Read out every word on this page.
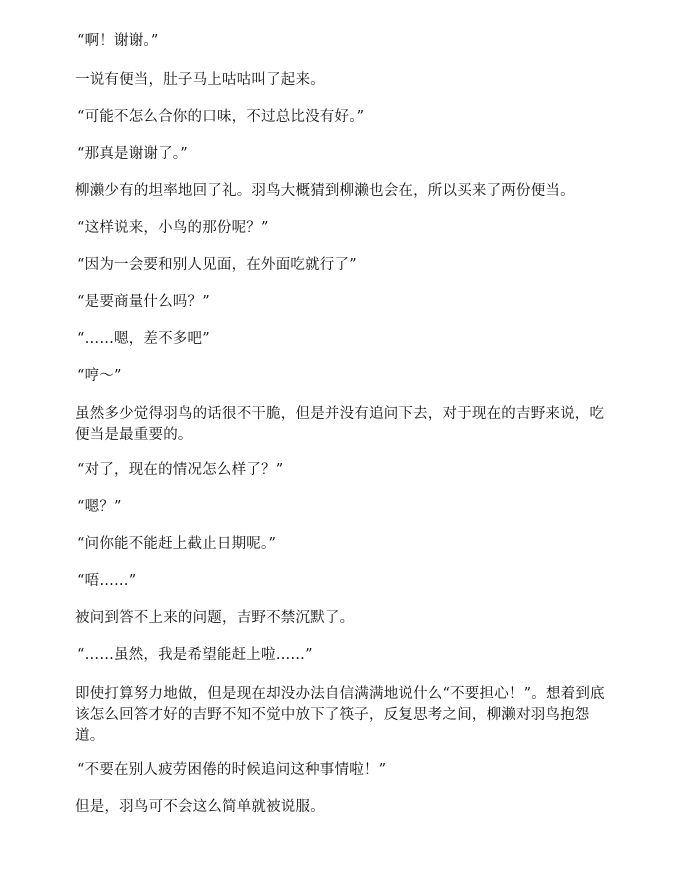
“啊！谢谢。”

一说有便当，肚子马上咕咕叫了起来。

“可能不怎么合你的口味，不过总比没有好。”

“那真是谢谢了。”

柳濑少有的坦率地回了礼。羽鸟大概猜到柳濑也会在，所以买来了两份便当。

“这样说来，小鸟的那份呢？”

“因为一会要和别人见面，在外面吃就行了”

“是要商量什么吗？”

“……嗯，差不多吧”

“哼～”

虽然多少觉得羽鸟的话很不干脆，但是并没有追问下去，对于现在的吉野来说，吃便当是最重要的。

“对了，现在的情况怎么样了？”

“嗯？”

“问你能不能赶上截止日期呢。”

“唔……”

被问到答不上来的问题，吉野不禁沉默了。

“……虽然，我是希望能赶上啦……”

即使打算努力地做，但是现在却没办法自信满满地说什么“不要担心！”。想着到底该怎么回答才好的吉野不知不觉中放下了筷子，反复思考之间，柳濑对羽鸟抱怨道。

“不要在别人疲劳困倦的时候追问这种事情啦！”

但是，羽鸟可不会这么简单就被说服。
